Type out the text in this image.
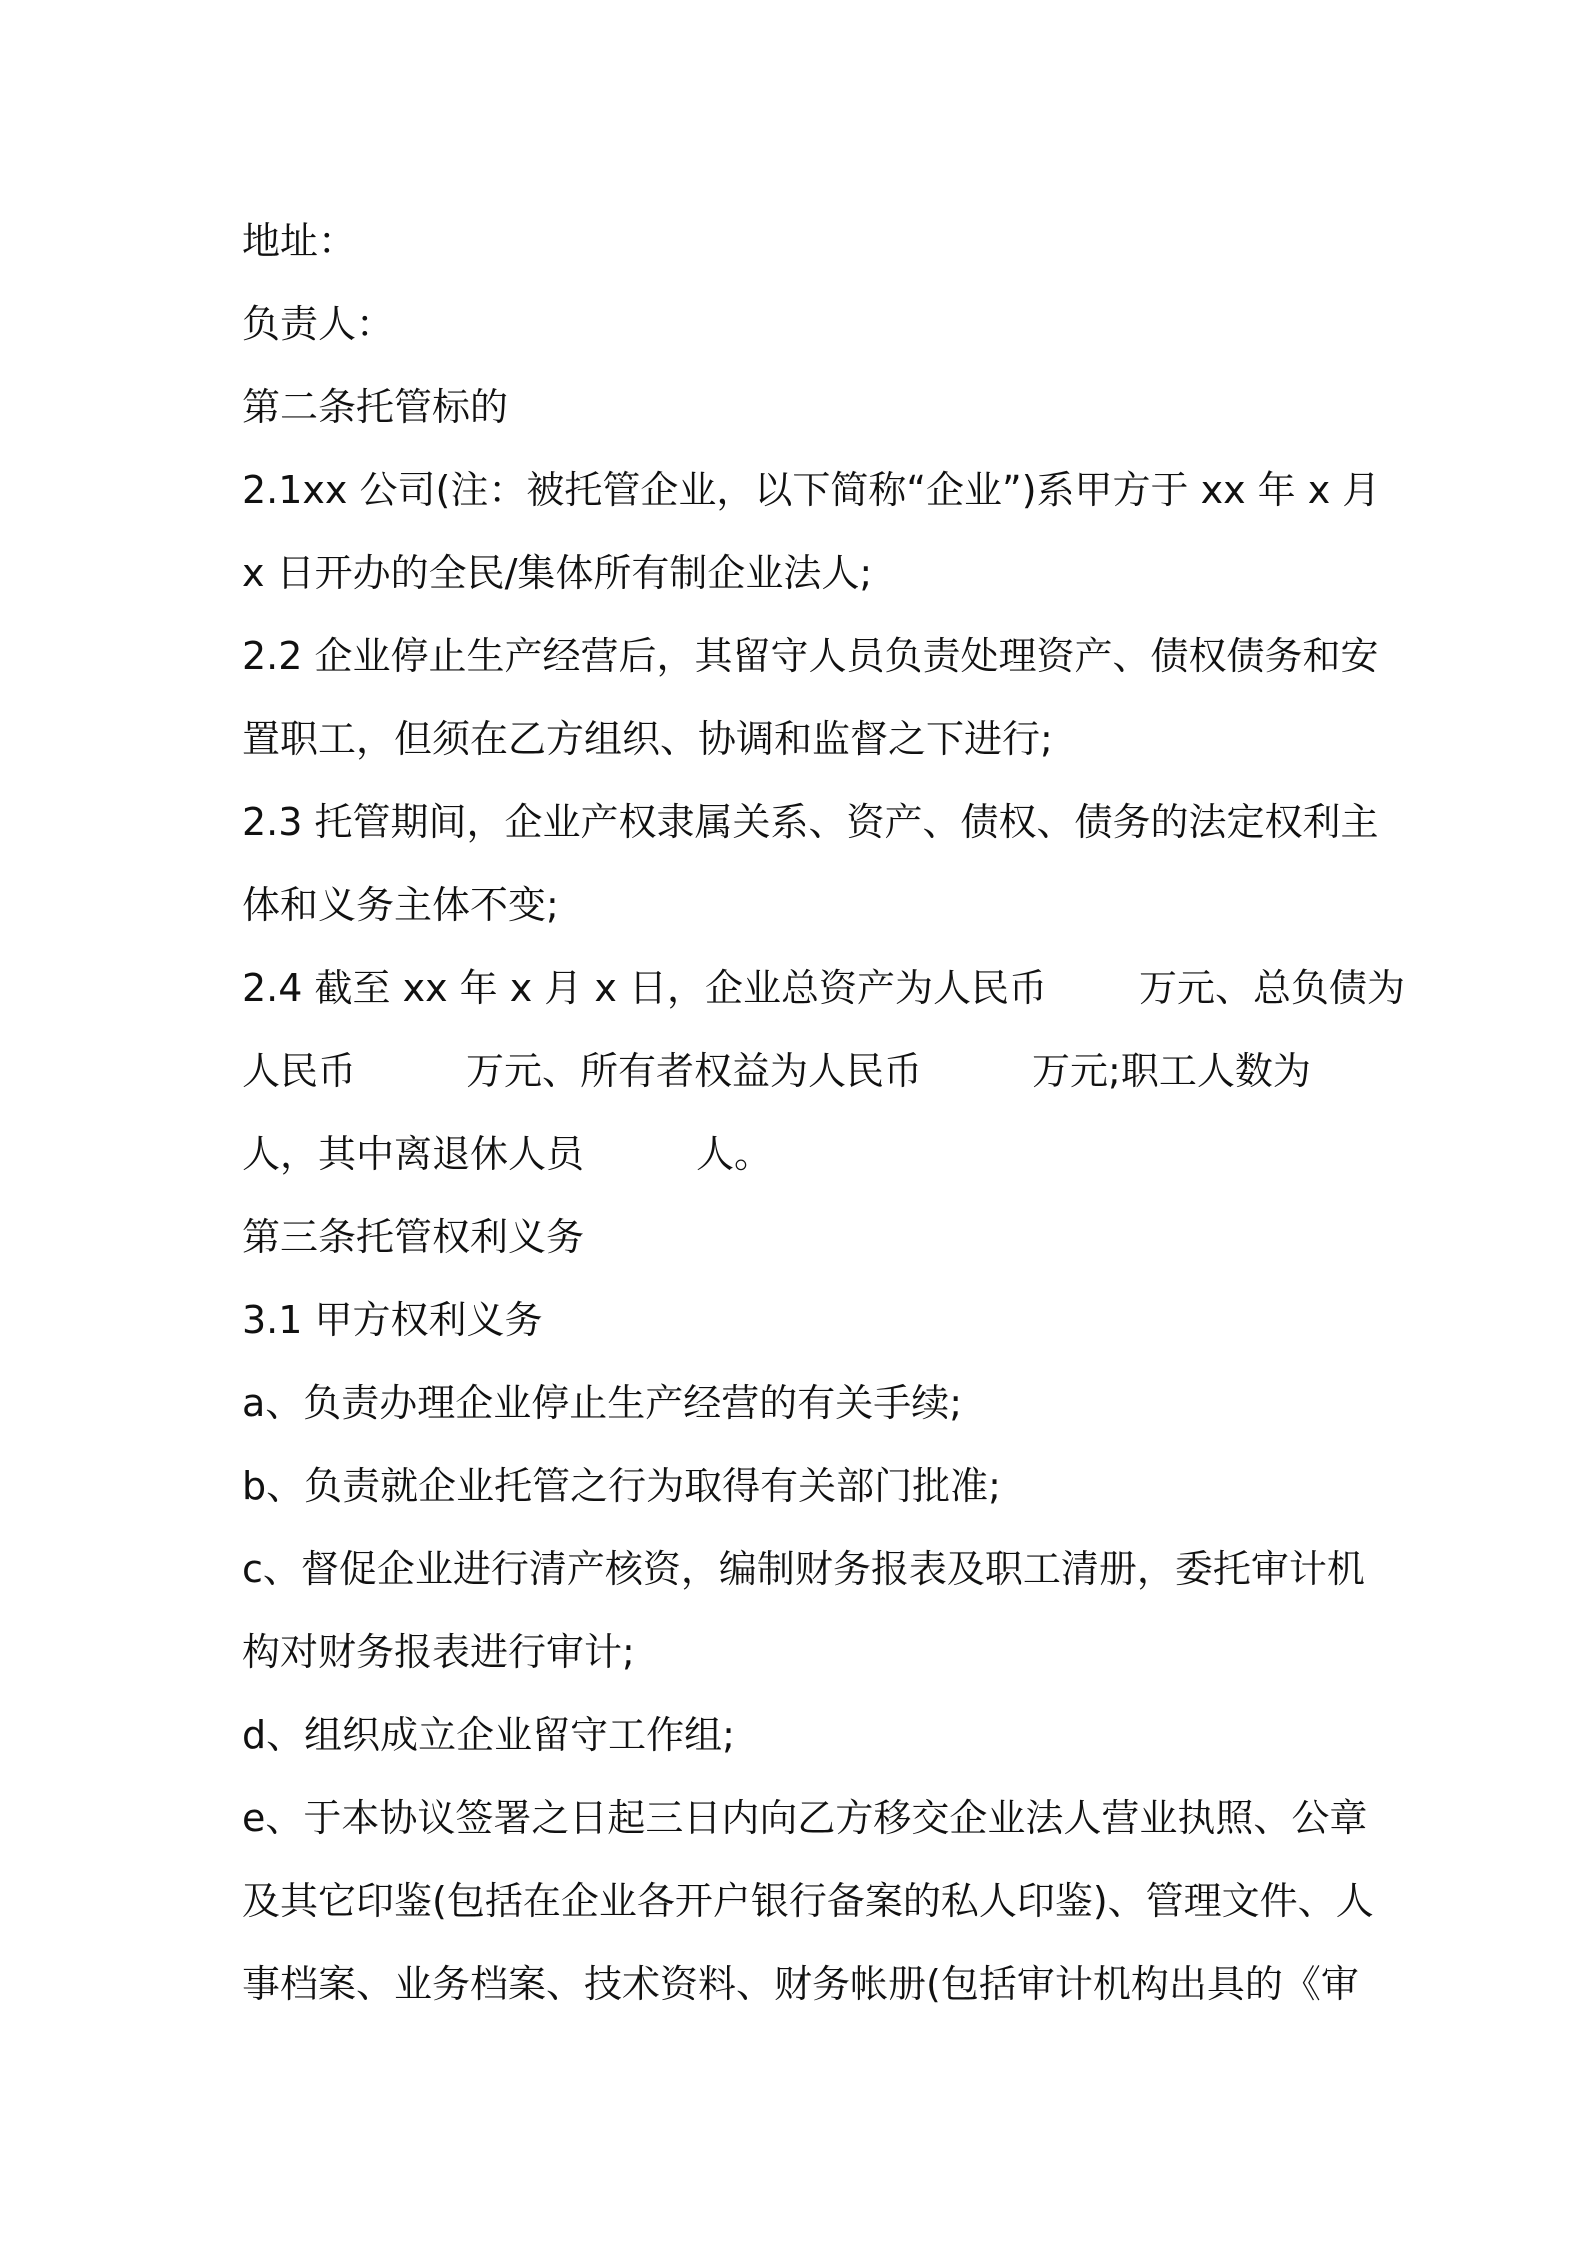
地址：
负责人：
第二条托管标的
2.1xx 公司(注：被托管企业，以下简称“企业”)系甲方于 xx 年 x 月
x 日开办的全民/集体所有制企业法人;
2.2 企业停止生产经营后，其留守人员负责处理资产、债权债务和安
置职工，但须在乙方组织、协调和监督之下进行;
2.3 托管期间，企业产权隶属关系、资产、债权、债务的法定权利主
体和义务主体不变;
2.4 截至 xx 年 x 月 x 日，企业总资产为人民币 万元、总负债为
人民币	万元、所有者权益为人民币	万元;职工人数为
人，其中离退休人员	人。
第三条托管权利义务
3.1 甲方权利义务
a、负责办理企业停止生产经营的有关手续;
b、负责就企业托管之行为取得有关部门批准;
c、督促企业进行清产核资，编制财务报表及职工清册，委托审计机
构对财务报表进行审计;
d、组织成立企业留守工作组;
e、于本协议签署之日起三日内向乙方移交企业法人营业执照、公章
及其它印鉴(包括在企业各开户银行备案的私人印鉴)、管理文件、人
事档案、业务档案、技术资料、财务帐册(包括审计机构出具的《审
